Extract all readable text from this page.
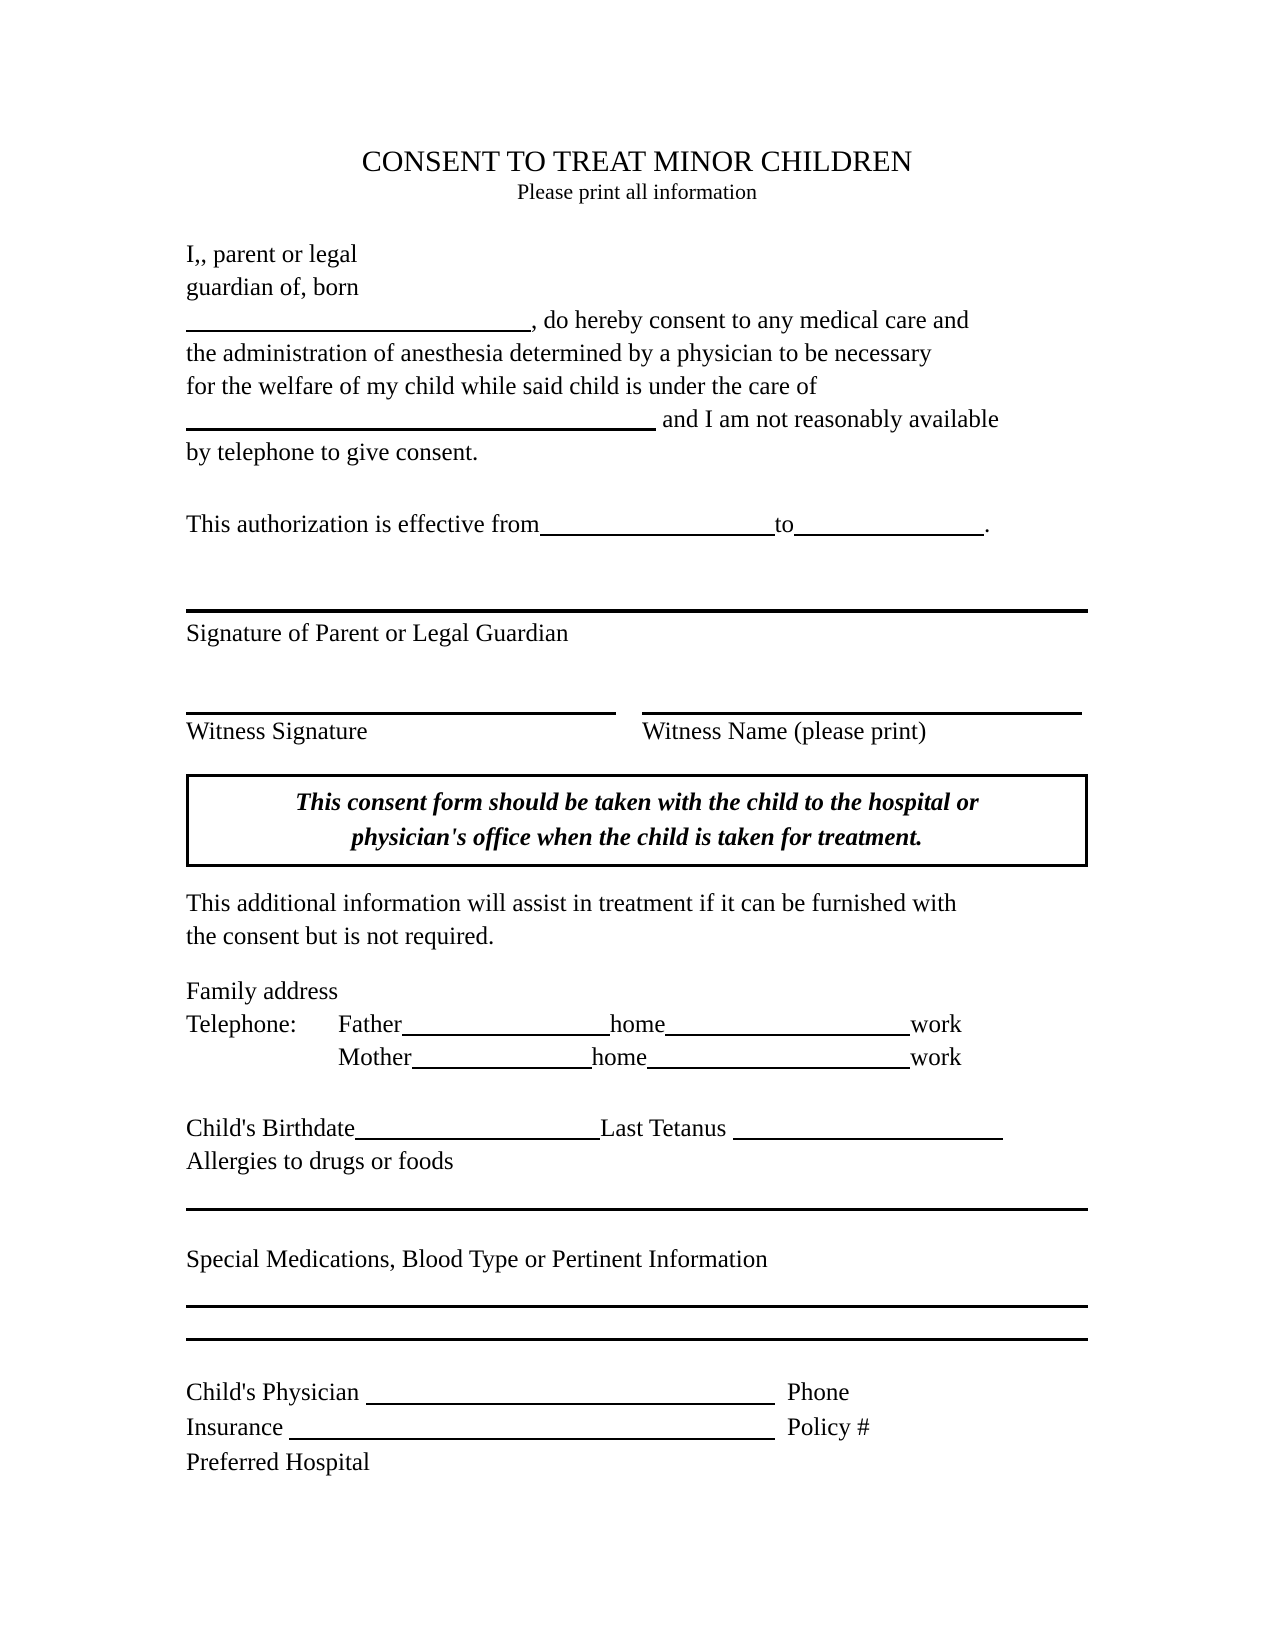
CONSENT TO TREAT MINOR CHILDREN
Please print all information
I, , parent or legal
guardian of , born
, do hereby consent to any medical care and
the administration of anesthesia determined by a physician to be necessary
for the welfare of my child while said child is under the care of
and I am not reasonably available
by telephone to give consent.
This authorization is effective from	to	.
Signature of Parent or Legal Guardian
Witness Signature	Witness Name (please print)
This consent form should be taken with the child to the hospital or
physician's office when the child is taken for treatment.
This additional information will assist in treatment if it can be furnished with
the consent but is not required.
Family address
Telephone:	Father	home	work
Mother	home	work
Child's Birthdate	Last Tetanus
Allergies to drugs or foods
Special Medications, Blood Type or Pertinent Information
Child's Physician	Phone
Insurance	Policy #
Preferred Hospital
